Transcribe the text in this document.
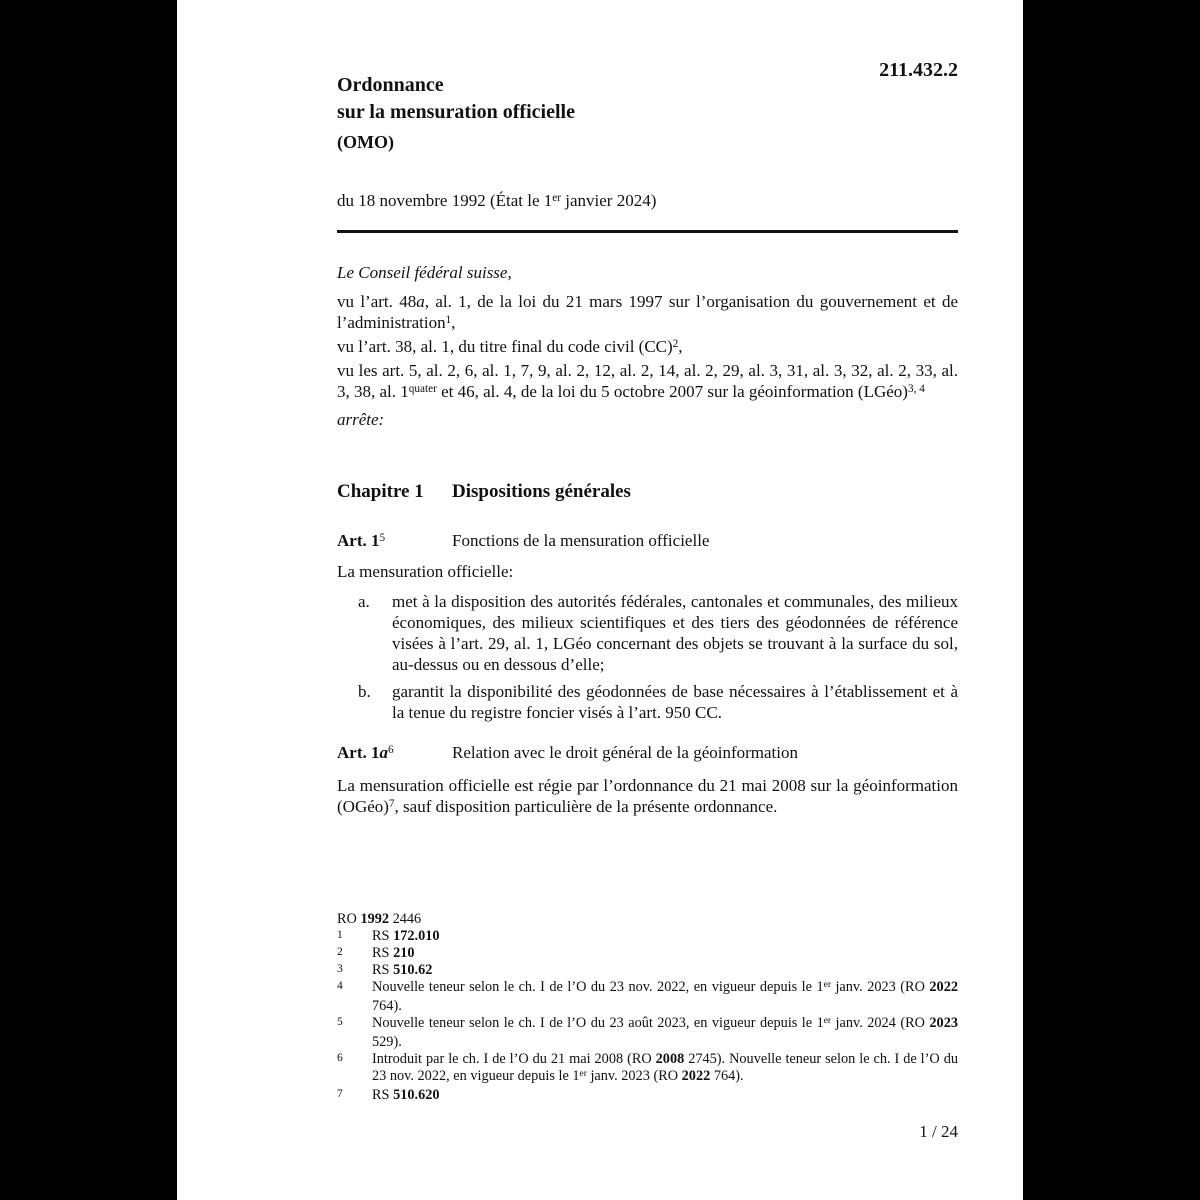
211.432.2
Ordonnance
sur la mensuration officielle
(OMO)
du 18 novembre 1992 (État le 1er janvier 2024)
Le Conseil fédéral suisse,
vu l’art. 48a, al. 1, de la loi du 21 mars 1997 sur l’organisation du gouvernement et de l’administration$^1$,
vu l’art. 38, al. 1, du titre final du code civil (CC)$^2$,
vu les art. 5, al. 2, 6, al. 1, 7, 9, al. 2, 12, al. 2, 14, al. 2, 29, al. 3, 31, al. 3, 32, al. 2, 33, al. 3, 38, al. $1^{quater}$ et 46, al. 4, de la loi du 5 octobre 2007 sur la géoinformation (LGéo)$^{3, 4}$
arrête:
Chapitre 1	Dispositions générales
Art. $1^5$	Fonctions de la mensuration officielle
La mensuration officielle:
a.	met à la disposition des autorités fédérales, cantonales et communales, des milieux économiques, des milieux scientifiques et des tiers des géodonnées de référence visées à l’art. 29, al. 1, LGéo concernant des objets se trouvant à la surface du sol, au-dessus ou en dessous d’elle;
b.	garantit la disponibilité des géodonnées de base nécessaires à l’établissement et à la tenue du registre foncier visés à l’art. 950 CC.
Art. $1a^6$	Relation avec le droit général de la géoinformation
La mensuration officielle est régie par l’ordonnance du 21 mai 2008 sur la géoinformation (OGéo)$^7$, sauf disposition particulière de la présente ordonnance.
RO 1992 2446
1	RS 172.010
2	RS 210
3	RS 510.62
4	Nouvelle teneur selon le ch. I de l’O du 23 nov. 2022, en vigueur depuis le 1er janv. 2023 (RO 2022 764).
5	Nouvelle teneur selon le ch. I de l’O du 23 août 2023, en vigueur depuis le 1er janv. 2024 (RO 2023 529).
6	Introduit par le ch. I de l’O du 21 mai 2008 (RO 2008 2745). Nouvelle teneur selon le ch. I de l’O du 23 nov. 2022, en vigueur depuis le 1er janv. 2023 (RO 2022 764).
7	RS 510.620
1 / 24
